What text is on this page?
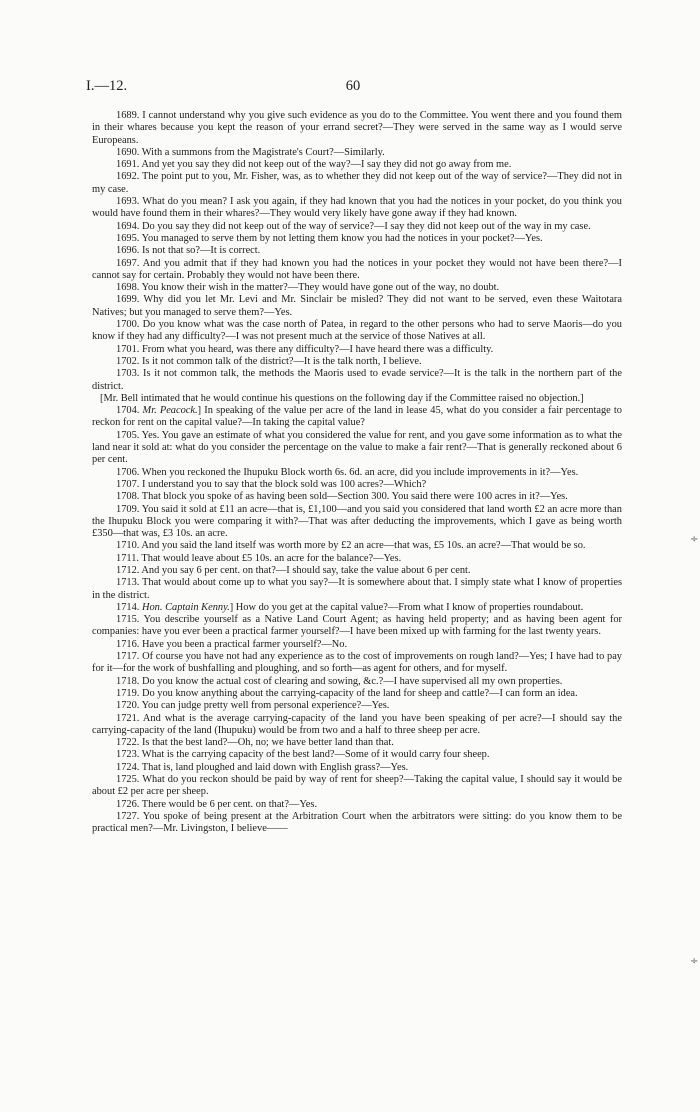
I.—12.	60

1689. I cannot understand why you give such evidence as you do to the Committee. You went there and you found them in their whares because you kept the reason of your errand secret?—They were served in the same way as I would serve Europeans.

1690. With a summons from the Magistrate's Court?—Similarly.

1691. And yet you say they did not keep out of the way?—I say they did not go away from me.

1692. The point put to you, Mr. Fisher, was, as to whether they did not keep out of the way of service?—They did not in my case.

1693. What do you mean? I ask you again, if they had known that you had the notices in your pocket, do you think you would have found them in their whares?—They would very likely have gone away if they had known.

1694. Do you say they did not keep out of the way of service?—I say they did not keep out of the way in my case.

1695. You managed to serve them by not letting them know you had the notices in your pocket?—Yes.

1696. Is not that so?—It is correct.

1697. And you admit that if they had known you had the notices in your pocket they would not have been there?—I cannot say for certain. Probably they would not have been there.

1698. You know their wish in the matter?—They would have gone out of the way, no doubt.

1699. Why did you let Mr. Levi and Mr. Sinclair be misled? They did not want to be served, even these Waitotara Natives; but you managed to serve them?—Yes.

1700. Do you know what was the case north of Patea, in regard to the other persons who had to serve Maoris—do you know if they had any difficulty?—I was not present much at the service of those Natives at all.

1701. From what you heard, was there any difficulty?—I have heard there was a difficulty.

1702. Is it not common talk of the district?—It is the talk north, I believe.

1703. Is it not common talk, the methods the Maoris used to evade service?—It is the talk in the northern part of the district.

[Mr. Bell intimated that he would continue his questions on the following day if the Committee raised no objection.]

1704. Mr. Peacock.] In speaking of the value per acre of the land in lease 45, what do you consider a fair percentage to reckon for rent on the capital value?—In taking the capital value?

1705. Yes. You gave an estimate of what you considered the value for rent, and you gave some information as to what the land near it sold at: what do you consider the percentage on the value to make a fair rent?—That is generally reckoned about 6 per cent.

1706. When you reckoned the Ihupuku Block worth 6s. 6d. an acre, did you include improvements in it?—Yes.

1707. I understand you to say that the block sold was 100 acres?—Which?

1708. That block you spoke of as having been sold—Section 300. You said there were 100 acres in it?—Yes.

1709. You said it sold at £11 an acre—that is, £1,100—and you said you considered that land worth £2 an acre more than the Ihupuku Block you were comparing it with?—That was after deducting the improvements, which I gave as being worth £350—that was, £3 10s. an acre.

1710. And you said the land itself was worth more by £2 an acre—that was, £5 10s. an acre?—That would be so.

1711. That would leave about £5 10s. an acre for the balance?—Yes.

1712. And you say 6 per cent. on that?—I should say, take the value about 6 per cent.

1713. That would about come up to what you say?—It is somewhere about that. I simply state what I know of properties in the district.

1714. Hon. Captain Kenny.] How do you get at the capital value?—From what I know of properties roundabout.

1715. You describe yourself as a Native Land Court Agent; as having held property; and as having been agent for companies: have you ever been a practical farmer yourself?—I have been mixed up with farming for the last twenty years.

1716. Have you been a practical farmer yourself?—No.

1717. Of course you have not had any experience as to the cost of improvements on rough land?—Yes; I have had to pay for it—for the work of bushfalling and ploughing, and so forth—as agent for others, and for myself.

1718. Do you know the actual cost of clearing and sowing, &c.?—I have supervised all my own properties.

1719. Do you know anything about the carrying-capacity of the land for sheep and cattle?—I can form an idea.

1720. You can judge pretty well from personal experience?—Yes.

1721. And what is the average carrying-capacity of the land you have been speaking of per acre?—I should say the carrying-capacity of the land (Ihupuku) would be from two and a half to three sheep per acre.

1722. Is that the best land?—Oh, no; we have better land than that.

1723. What is the carrying capacity of the best land?—Some of it would carry four sheep.

1724. That is, land ploughed and laid down with English grass?—Yes.

1725. What do you reckon should be paid by way of rent for sheep?—Taking the capital value, I should say it would be about £2 per acre per sheep.

1726. There would be 6 per cent. on that?—Yes.

1727. You spoke of being present at the Arbitration Court when the arbitrators were sitting: do you know them to be practical men?—Mr. Livingston, I believe——

÷
÷
